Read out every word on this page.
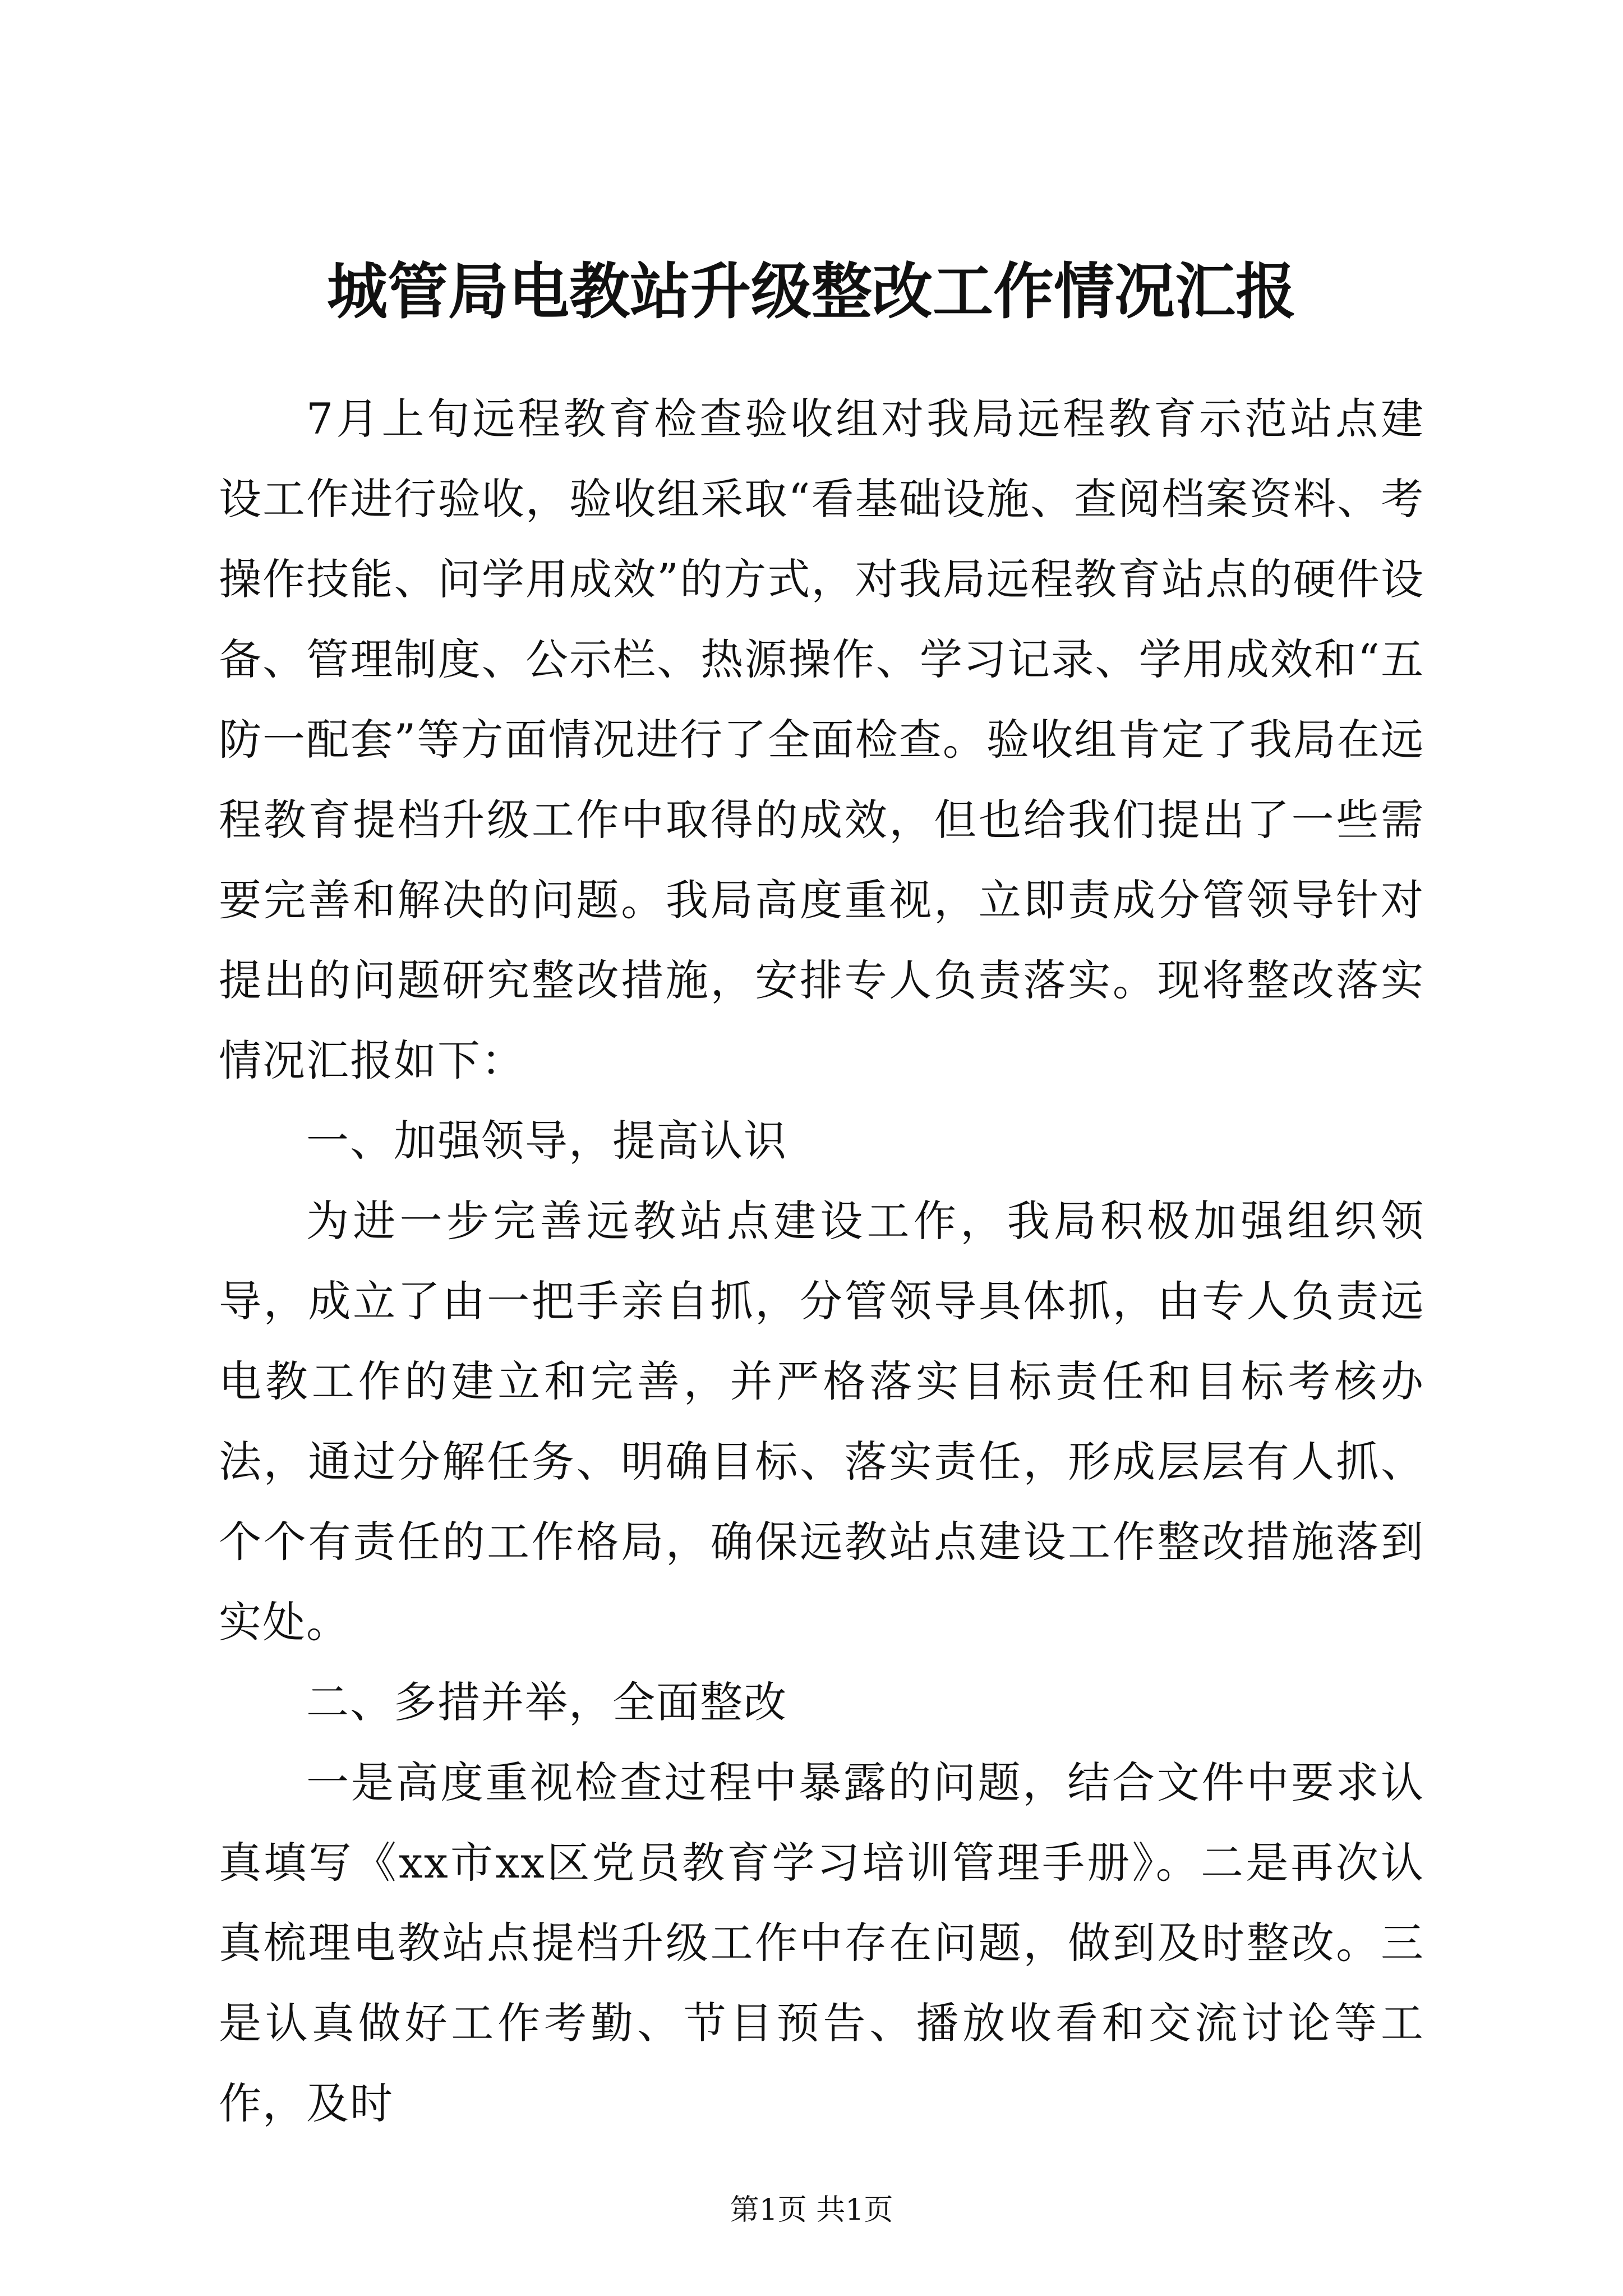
城管局电教站升级整改工作情况汇报

7月上旬远程教育检查验收组对我局远程教育示范站点建设工作进行验收，验收组采取“看基础设施、查阅档案资料、考操作技能、问学用成效”的方式，对我局远程教育站点的硬件设备、管理制度、公示栏、热源操作、学习记录、学用成效和“五防一配套”等方面情况进行了全面检查。验收组肯定了我局在远程教育提档升级工作中取得的成效，但也给我们提出了一些需要完善和解决的问题。我局高度重视，立即责成分管领导针对提出的问题研究整改措施，安排专人负责落实。现将整改落实情况汇报如下：

一、加强领导，提高认识

为进一步完善远教站点建设工作，我局积极加强组织领导，成立了由一把手亲自抓，分管领导具体抓，由专人负责远电教工作的建立和完善，并严格落实目标责任和目标考核办法，通过分解任务、明确目标、落实责任，形成层层有人抓、个个有责任的工作格局，确保远教站点建设工作整改措施落到实处。

二、多措并举，全面整改

一是高度重视检查过程中暴露的问题，结合文件中要求认真填写《xx市xx区党员教育学习培训管理手册》。二是再次认真梳理电教站点提档升级工作中存在问题，做到及时整改。三是认真做好工作考勤、节目预告、播放收看和交流讨论等工作，及时

第1页 共1页
